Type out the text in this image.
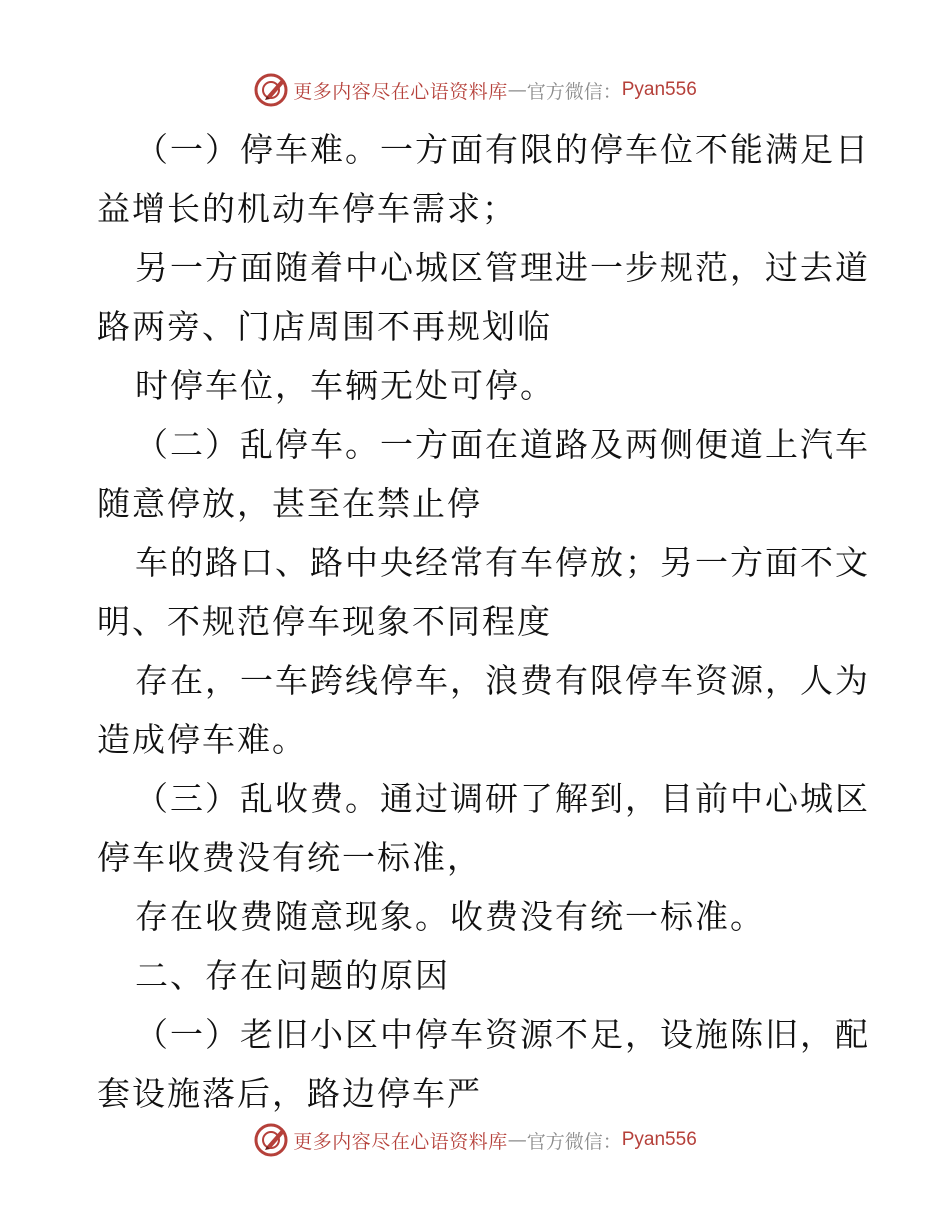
更多内容尽在心语资料库 — 官方微信： Pyan556
（一）停车难。一方面有限的停车位不能满足日
益增长的机动车停车需求；
另一方面随着中心城区管理进一步规范，过去道
路两旁、门店周围不再规划临
时停车位，车辆无处可停。
（二）乱停车。一方面在道路及两侧便道上汽车
随意停放，甚至在禁止停
车的路口、路中央经常有车停放；另一方面不文
明、不规范停车现象不同程度
存在，一车跨线停车，浪费有限停车资源，人为
造成停车难。
（三）乱收费。通过调研了解到，目前中心城区
停车收费没有统一标准，
存在收费随意现象。收费没有统一标准。
二、存在问题的原因
（一）老旧小区中停车资源不足，设施陈旧，配
套设施落后，路边停车严
更多内容尽在心语资料库 — 官方微信： Pyan556
